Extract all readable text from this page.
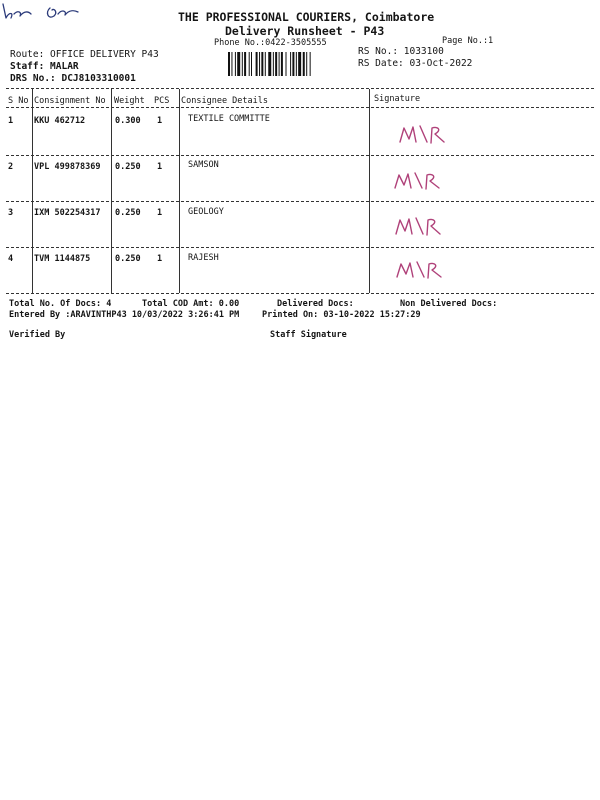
THE PROFESSIONAL COURIERS, Coimbatore
Delivery Runsheet - P43
Phone No.:0422-3505555	Page No.:1
Route: OFFICE DELIVERY P43
Staff: MALAR
DRS No.: DCJ8103310001
RS No.: 1033100
RS Date: 03-Oct-2022
S No Consignment No Weight PCS Consignee Details	Signature
1 KKU 462712	0.300 1	TEXTILE COMMITTE
2 VPL 499878369 0.250 1	SAMSON
3 IXM 502254317 0.250 1	GEOLOGY
4 TVM 1144875	0.250 1	RAJESH
Total No. Of Docs: 4	Total COD Amt: 0.00	Delivered Docs:	Non Delivered Docs:
Entered By :ARAVINTHP43 10/03/2022 3:26:41 PM	Printed On: 03-10-2022 15:27:29
Verified By	Staff Signature
